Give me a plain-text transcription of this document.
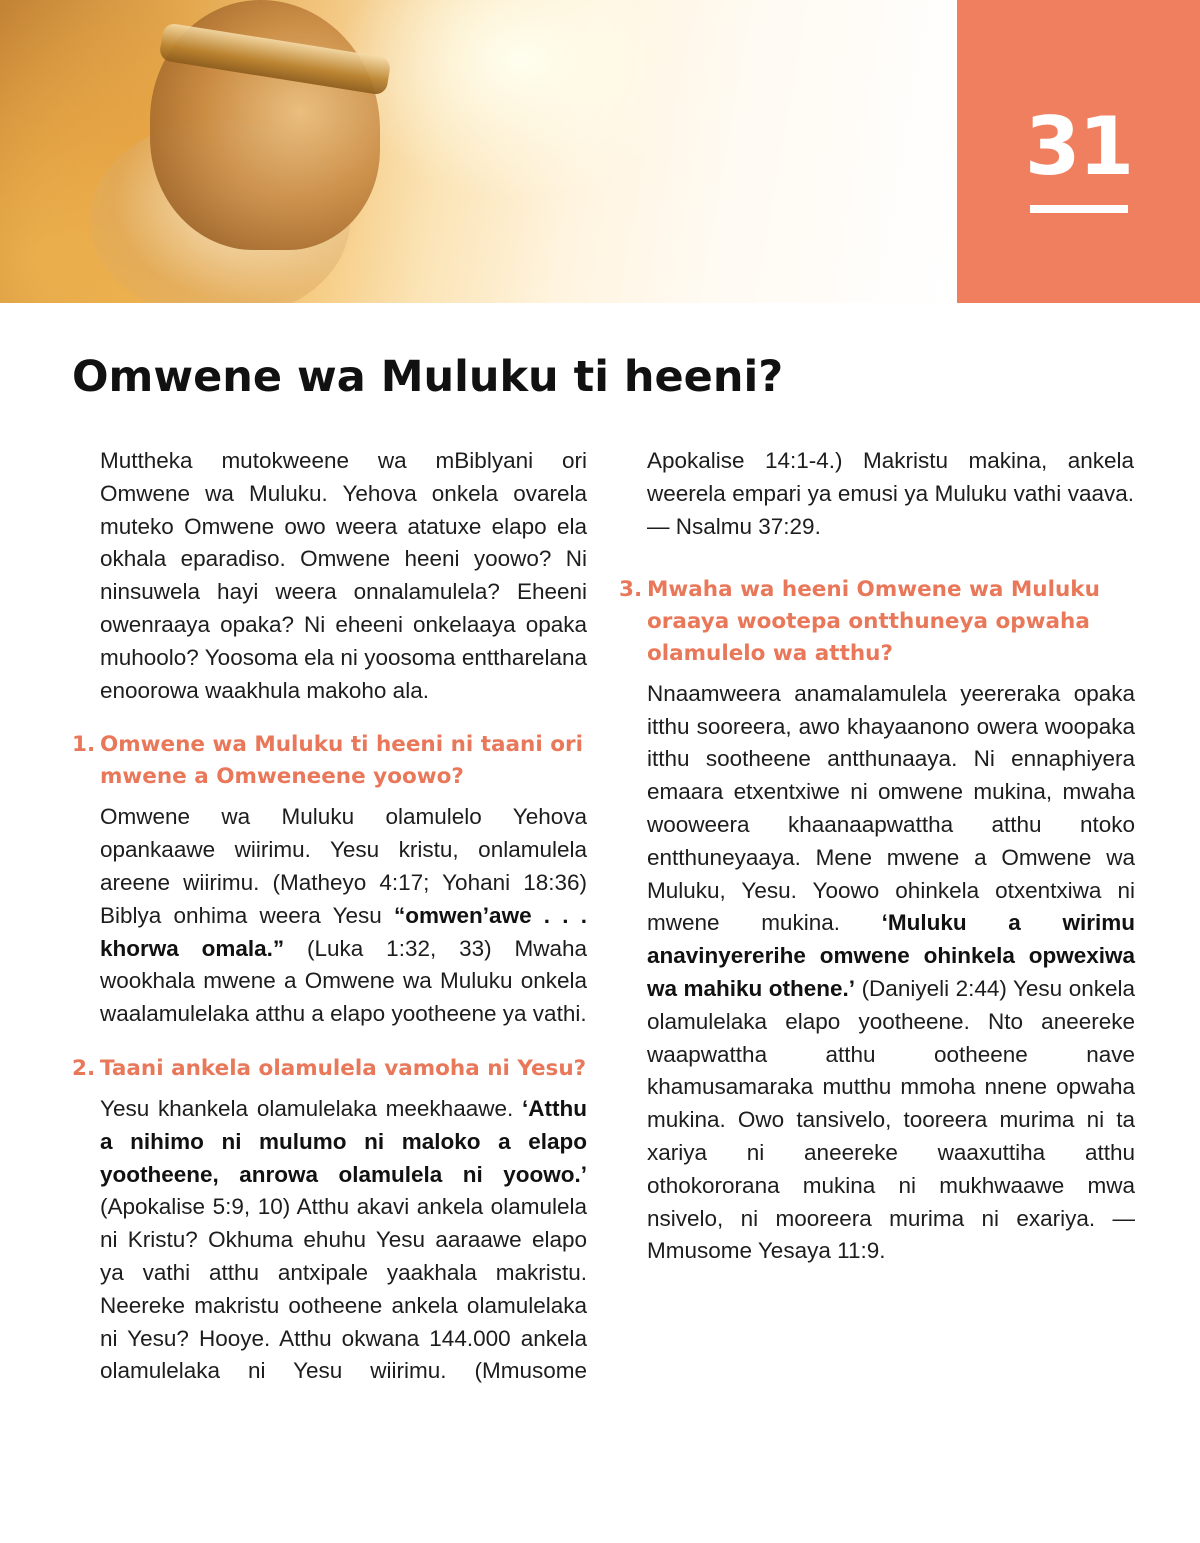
31
Omwene wa Muluku ti heeni?

Muttheka mutokweene wa mBiblyani ori Omwene wa Muluku. Yehova onkela ovarela muteko Omwene owo weera atatuxe elapo ela okhala eparadiso. Omwene heeni yoowo? Ni ninsuwela hayi weera onnalamulela? Eheeni owenraaya opaka? Ni eheeni onkelaaya opaka muhoolo? Yoosoma ela ni yoosoma enttharelana enoorowa waakhula makoho ala.

1. Omwene wa Muluku ti heeni ni taani ori mwene a Omweneene yoowo?

Omwene wa Muluku olamulelo Yehova opankaawe wiirimu. Yesu kristu, onlamulela areene wiirimu. (Matheyo 4:17; Yohani 18:36) Biblya onhima weera Yesu “omwen’awe . . . khorwa omala.” (Luka 1:32, 33) Mwaha wookhala mwene a Omwene wa Muluku onkela waalamulelaka atthu a elapo yootheene ya vathi.

2. Taani ankela olamulela vamoha ni Yesu?

Yesu khankela olamulelaka meekhaawe. ‘Atthu a nihimo ni mulumo ni maloko a elapo yootheene, anrowa olamulela ni yoowo.’ (Apokalise 5:9, 10) Atthu akavi ankela olamulela ni Kristu? Okhuma ehuhu Yesu aaraawe elapo ya vathi atthu antxipale yaakhala makristu. Neereke makristu ootheene ankela olamulelaka ni Yesu? Hooye. Atthu okwana 144.000 ankela olamulelaka ni Yesu wiirimu. (Mmusome

Apokalise 14:1-4.) Makristu makina, ankela weerela empari ya emusi ya Muluku vathi vaava. — Nsalmu 37:29.

3. Mwaha wa heeni Omwene wa Muluku oraaya wootepa ontthuneya opwaha olamulelo wa atthu?

Nnaamweera anamalamulela yeereraka opaka itthu sooreera, awo khayaanono owera woopaka itthu sootheene antthunaaya. Ni ennaphiyera emaara etxentxiwe ni omwene mukina, mwaha wooweera khaanaapwattha atthu ntoko entthuneyaaya. Mene mwene a Omwene wa Muluku, Yesu. Yoowo ohinkela otxentxiwa ni mwene mukina. ‘Muluku a wirimu anavinyererihe omwene ohinkela opwexiwa wa mahiku othene.’ (Daniyeli 2:44) Yesu onkela olamulelaka elapo yootheene. Nto aneereke waapwattha atthu ootheene nave khamusamaraka mutthu mmoha nnene opwaha mukina. Owo tansivelo, tooreera murima ni ta xariya ni aneereke waaxuttiha atthu othokororana mukina ni mukhwaawe mwa nsivelo, ni mooreera murima ni exariya. — Mmusome Yesaya 11:9.
